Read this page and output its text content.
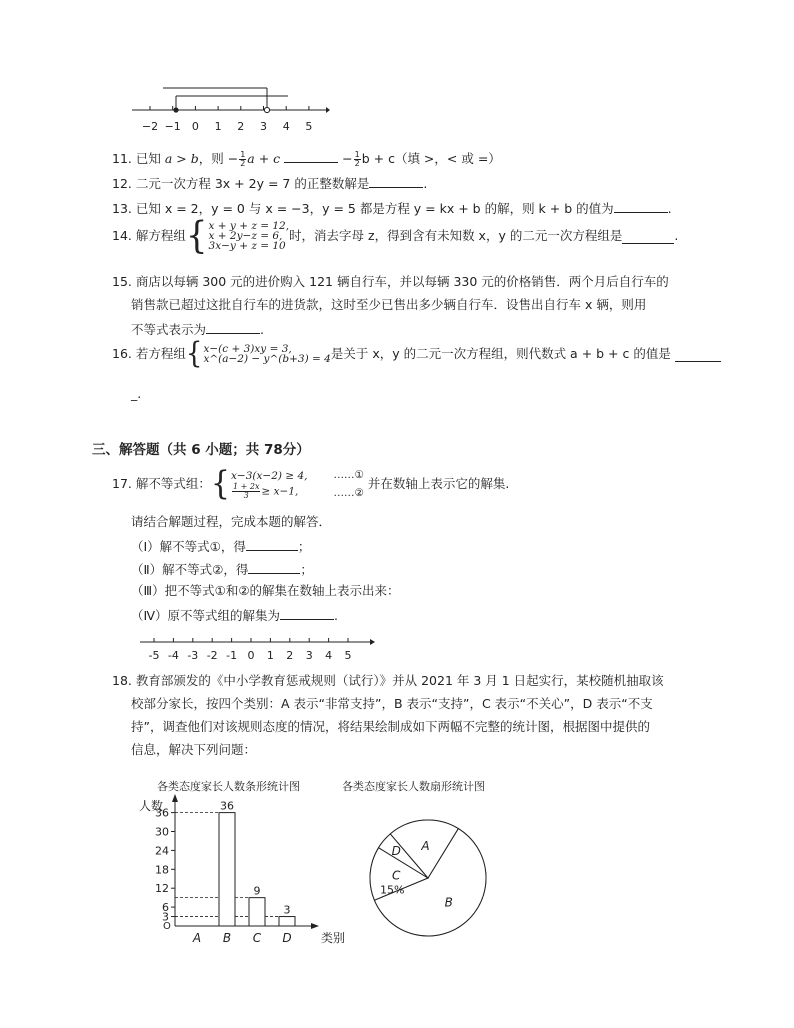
−2 −1 0 1 2 3 4 5
11. 已知 a > b，则 − $\frac{1}{2}$ a + c	− $\frac{1}{2}$ b + c（填 >，< 或 =）
12. 二元一次方程 3x + 2y = 7 的正整数解是	.
13. 已知 x = 2，y = 0 与 x = −3，y = 5 都是方程 y = kx + b 的解，则 k + b 的值为	.
14.
解方程组 { x + y + z = 12,
x + 2y−z = 6,
3x−y + z = 10
时，消去字母 z，得到含有未知数 x，y 的二元一次方程组是	.
15. 商店以每辆 300 元的进价购入 121 辆自行车，并以每辆 330 元的价格销售．两个月后自行车的
销售款已超过这批自行车的进货款，这时至少已售出多少辆自行车．设售出自行车 x 辆，则用
不等式表示为	.
16.
若方程组 { x−(c + 3)xy = 3,
x^(a−2) − y^(b+3) = 4 是关于 x，y 的二元一次方程组，则代数式 a + b + c 的值是

_.
三、解答题（共 6 小题；共 78分）
17.
解不等式组： { x−3(x−2) ≥ 4,
$\frac{1 + 2x}{3} \ge x-1$,
……①
……②
并在数轴上表示它的解集.
请结合解题过程，完成本题的解答．
（Ⅰ）解不等式①，得	；
（Ⅱ）解不等式②，得	；
（Ⅲ）把不等式①和②的解集在数轴上表示出来：
（Ⅳ）原不等式组的解集为	.
-5 -4 -3 -2 -1 0 1 2 3 4 5
18. 教育部颁发的《中小学教育惩戒规则（试行）》并从 2021 年 3 月 1 日起实行，某校随机抽取该
校部分家长，按四个类别：A 表示“非常支持”，B 表示“支持”，C 表示“不关心”，D 表示“不支
持”，调查他们对该规则态度的情况，将结果绘制成如下两幅不完整的统计图，根据图中提供的
信息，解决下列问题：
各类态度家长人数条形统计图
人数
O
类别
3
6
12
18
24
30
36
36
9
3
A B C D
各类态度家长人数扇形统计图
B
C
15%
D A
